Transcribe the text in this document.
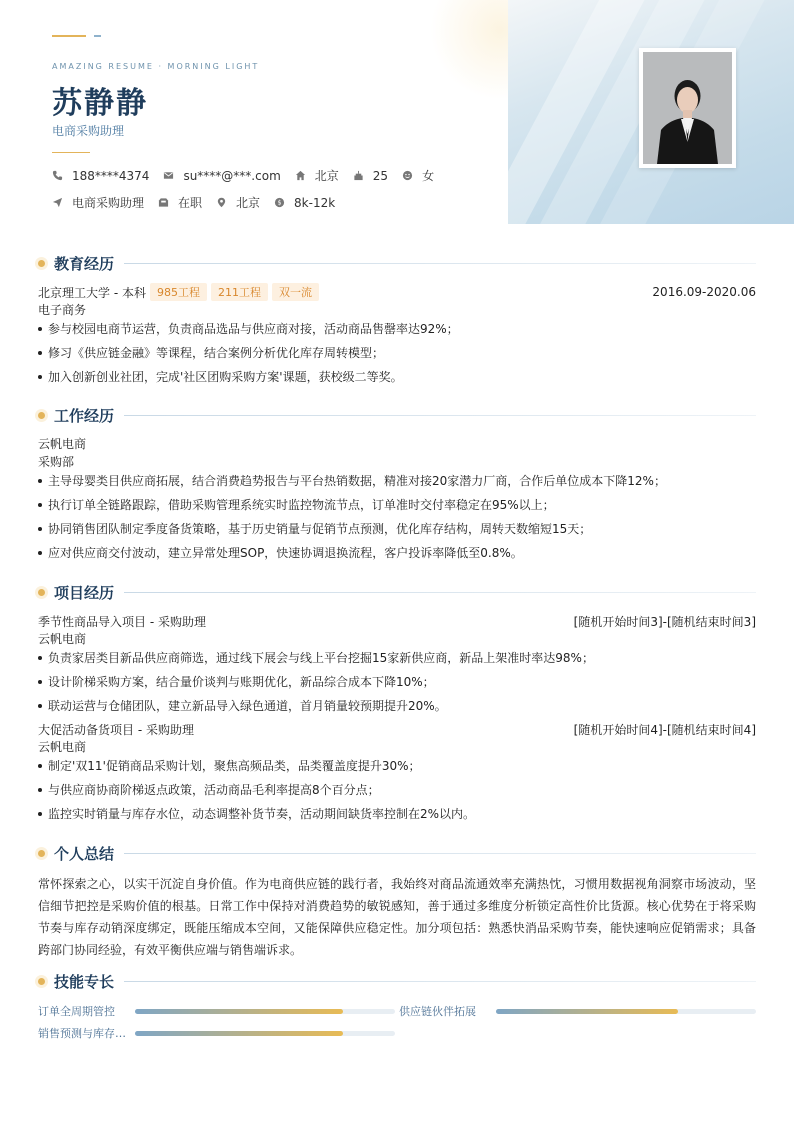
AMAZING RESUME · MORNING LIGHT
苏静静
电商采购助理
188****4374	su****@***.com	北京	25	女
电商采购助理	在职	北京 $ 8k-12k
教育经历
北京理工大学 - 本科	985工程	211工程	双一流	2016.09-2020.06
电子商务
参与校园电商节运营，负责商品选品与供应商对接，活动商品售罄率达92%；
修习《供应链金融》等课程，结合案例分析优化库存周转模型；
加入创新创业社团，完成'社区团购采购方案'课题，获校级二等奖。
工作经历
云帆电商
采购部
主导母婴类目供应商拓展，结合消费趋势报告与平台热销数据，精准对接20家潜力厂商，合作后单位成本下降12%；
执行订单全链路跟踪，借助采购管理系统实时监控物流节点，订单准时交付率稳定在95%以上；
协同销售团队制定季度备货策略，基于历史销量与促销节点预测，优化库存结构，周转天数缩短15天；
应对供应商交付波动，建立异常处理SOP，快速协调退换流程，客户投诉率降低至0.8%。
项目经历
季节性商品导入项目 - 采购助理	[随机开始时间3]-[随机结束时间3]
云帆电商
负责家居类目新品供应商筛选，通过线下展会与线上平台挖掘15家新供应商，新品上架准时率达98%；
设计阶梯采购方案，结合量价谈判与账期优化，新品综合成本下降10%；
联动运营与仓储团队，建立新品导入绿色通道，首月销量较预期提升20%。
大促活动备货项目 - 采购助理	[随机开始时间4]-[随机结束时间4]
云帆电商
制定'双11'促销商品采购计划，聚焦高频品类，品类覆盖度提升30%；
与供应商协商阶梯返点政策，活动商品毛利率提高8个百分点；
监控实时销量与库存水位，动态调整补货节奏，活动期间缺货率控制在2%以内。
个人总结

常怀探索之心，以实干沉淀自身价值。作为电商供应链的践行者，我始终对商品流通效率充满热忱，习惯用数据视角洞察市场波动，坚信细节把控是采购价值的根基。日常工作中保持对消费趋势的敏锐感知，善于通过多维度分析锁定高性价比货源。核心优势在于将采购节奏与库存动销深度绑定，既能压缩成本空间，又能保障供应稳定性。加分项包括：熟悉快消品采购节奏，能快速响应促销需求；具备跨部门协同经验，有效平衡供应端与销售端诉求。

技能专长
订单全周期管控	供应链伙伴拓展
销售预测与库存…
